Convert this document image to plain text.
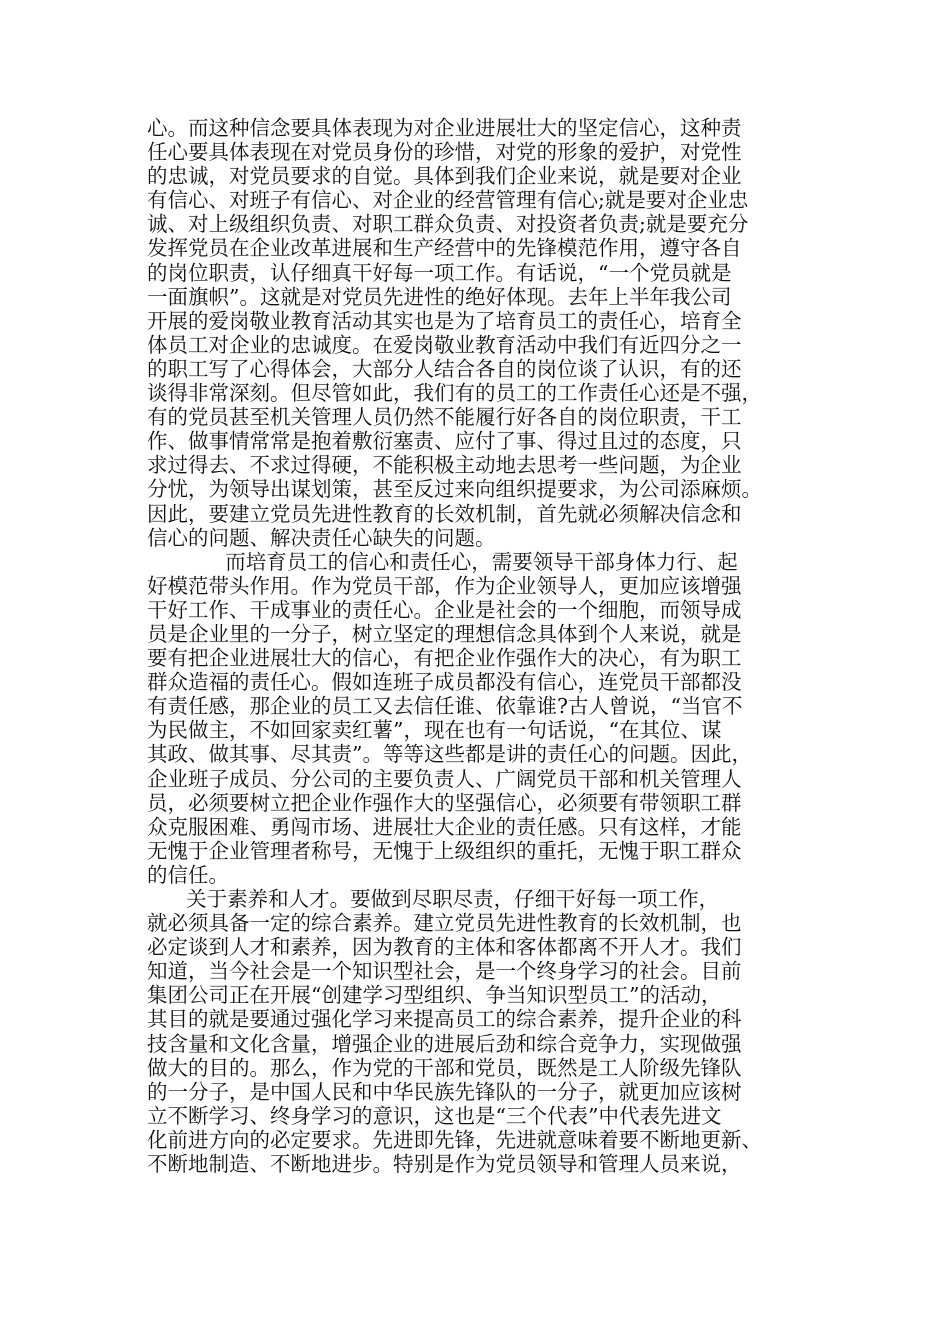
心。而这种信念要具体表现为对企业进展壮大的坚定信心，这种责
任心要具体表现在对党员身份的珍惜，对党的形象的爱护，对党性
的忠诚，对党员要求的自觉。具体到我们企业来说，就是要对企业
有信心、对班子有信心、对企业的经营管理有信心;就是要对企业忠
诚、对上级组织负责、对职工群众负责、对投资者负责;就是要充分
发挥党员在企业改革进展和生产经营中的先锋模范作用，遵守各自
的岗位职责，认仔细真干好每一项工作。有话说，“一个党员就是
一面旗帜”。这就是对党员先进性的绝好体现。去年上半年我公司
开展的爱岗敬业教育活动其实也是为了培育员工的责任心，培育全
体员工对企业的忠诚度。在爱岗敬业教育活动中我们有近四分之一
的职工写了心得体会，大部分人结合各自的岗位谈了认识，有的还
谈得非常深刻。但尽管如此，我们有的员工的工作责任心还是不强，
有的党员甚至机关管理人员仍然不能履行好各自的岗位职责，干工
作、做事情常常是抱着敷衍塞责、应付了事、得过且过的态度，只
求过得去、不求过得硬，不能积极主动地去思考一些问题，为企业
分忧，为领导出谋划策，甚至反过来向组织提要求，为公司添麻烦。
因此，要建立党员先进性教育的长效机制，首先就必须解决信念和
信心的问题、解决责任心缺失的问题。
而培育员工的信心和责任心，需要领导干部身体力行、起
好模范带头作用。作为党员干部，作为企业领导人，更加应该增强
干好工作、干成事业的责任心。企业是社会的一个细胞，而领导成
员是企业里的一分子，树立坚定的理想信念具体到个人来说，就是
要有把企业进展壮大的信心，有把企业作强作大的决心，有为职工
群众造福的责任心。假如连班子成员都没有信心，连党员干部都没
有责任感，那企业的员工又去信任谁、依靠谁?古人曾说，“当官不
为民做主，不如回家卖红薯”，现在也有一句话说，“在其位、谋
其政、做其事、尽其责”。等等这些都是讲的责任心的问题。因此，
企业班子成员、分公司的主要负责人、广阔党员干部和机关管理人
员，必须要树立把企业作强作大的坚强信心，必须要有带领职工群
众克服困难、勇闯市场、进展壮大企业的责任感。只有这样，才能
无愧于企业管理者称号，无愧于上级组织的重托，无愧于职工群众
的信任。
关于素养和人才。要做到尽职尽责，仔细干好每一项工作，
就必须具备一定的综合素养。建立党员先进性教育的长效机制，也
必定谈到人才和素养，因为教育的主体和客体都离不开人才。我们
知道，当今社会是一个知识型社会，是一个终身学习的社会。目前
集团公司正在开展“创建学习型组织、争当知识型员工”的活动，
其目的就是要通过强化学习来提高员工的综合素养，提升企业的科
技含量和文化含量，增强企业的进展后劲和综合竞争力，实现做强
做大的目的。那么，作为党的干部和党员，既然是工人阶级先锋队
的一分子，是中国人民和中华民族先锋队的一分子，就更加应该树
立不断学习、终身学习的意识，这也是“三个代表”中代表先进文
化前进方向的必定要求。先进即先锋，先进就意味着要不断地更新、
不断地制造、不断地进步。特别是作为党员领导和管理人员来说，
